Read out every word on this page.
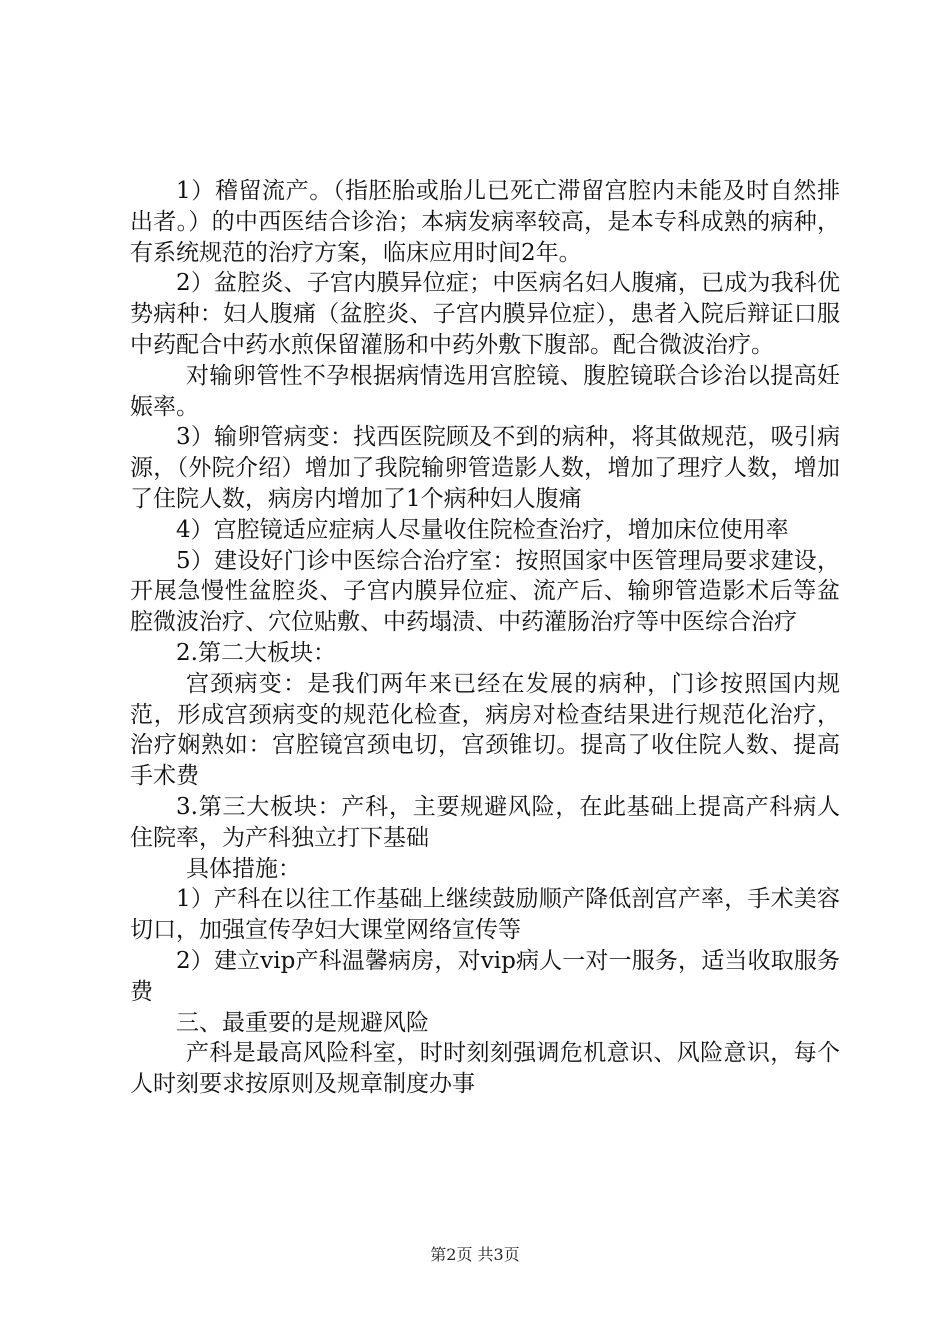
1）稽留流产。（指胚胎或胎儿已死亡滞留宫腔内未能及时自然排出者。）的中西医结合诊治；本病发病率较高，是本专科成熟的病种，有系统规范的治疗方案，临床应用时间2年。

2）盆腔炎、子宫内膜异位症；中医病名妇人腹痛，已成为我科优势病种：妇人腹痛（盆腔炎、子宫内膜异位症），患者入院后辩证口服中药配合中药水煎保留灌肠和中药外敷下腹部。配合微波治疗。

对输卵管性不孕根据病情选用宫腔镜、腹腔镜联合诊治以提高妊娠率。

3）输卵管病变：找西医院顾及不到的病种，将其做规范，吸引病源，（外院介绍）增加了我院输卵管造影人数，增加了理疗人数，增加了住院人数，病房内增加了1个病种妇人腹痛

4）宫腔镜适应症病人尽量收住院检查治疗，增加床位使用率

5）建设好门诊中医综合治疗室：按照国家中医管理局要求建设，开展急慢性盆腔炎、子宫内膜异位症、流产后、输卵管造影术后等盆腔微波治疗、穴位贴敷、中药塌渍、中药灌肠治疗等中医综合治疗

2.第二大板块：

宫颈病变：是我们两年来已经在发展的病种，门诊按照国内规范，形成宫颈病变的规范化检查，病房对检查结果进行规范化治疗，治疗娴熟如：宫腔镜宫颈电切，宫颈锥切。提高了收住院人数、提高手术费

3.第三大板块：产科，主要规避风险，在此基础上提高产科病人住院率，为产科独立打下基础

具体措施：

1）产科在以往工作基础上继续鼓励顺产降低剖宫产率，手术美容切口，加强宣传孕妇大课堂网络宣传等

2）建立vip产科温馨病房，对vip病人一对一服务，适当收取服务费

三、最重要的是规避风险

产科是最高风险科室，时时刻刻强调危机意识、风险意识，每个人时刻要求按原则及规章制度办事

第2页 共3页
